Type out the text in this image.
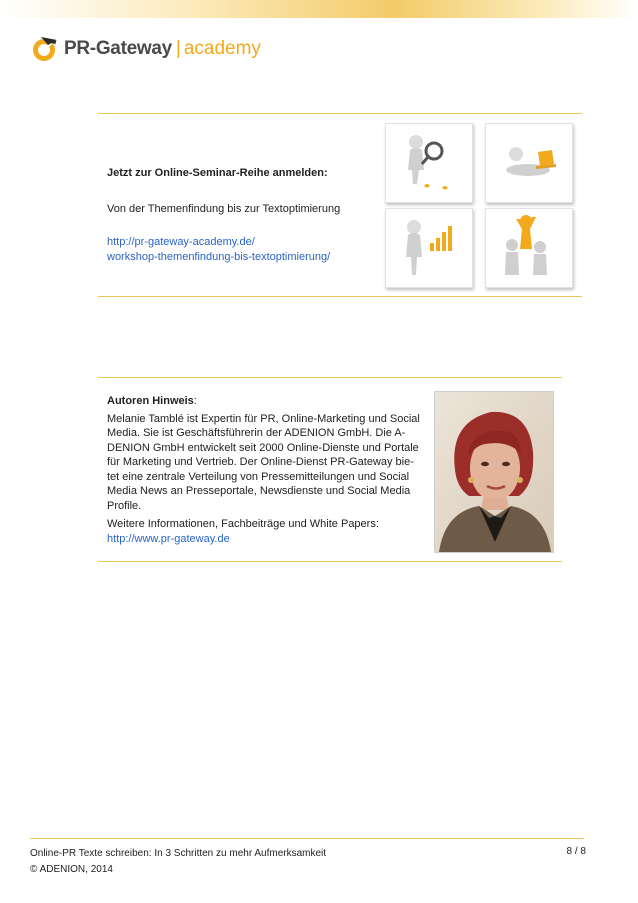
PR-Gateway | academy
Jetzt zur Online-Seminar-Reihe anmelden:
Von der Themenfindung bis zur Textoptimierung
http://pr-gateway-academy.de/
workshop-themenfindung-bis-textoptimierung/
Autoren Hinweis:

Melanie Tamblé ist Expertin für PR, Online-Marketing und Social Media. Sie ist Geschäftsführerin der ADENION GmbH. Die A-DENION GmbH entwickelt seit 2000 Online-Dienste und Portale für Marketing und Vertrieb. Der Online-Dienst PR-Gateway bie-tet eine zentrale Verteilung von Pressemitteilungen und Social Media News an Presseportale, Newsdienste und Social Media Profile.

Weitere Informationen, Fachbeiträge und White Papers:
http://www.pr-gateway.de
Online-PR Texte schreiben: In 3 Schritten zu mehr Aufmerksamkeit
© ADENION, 2014
8 / 8
